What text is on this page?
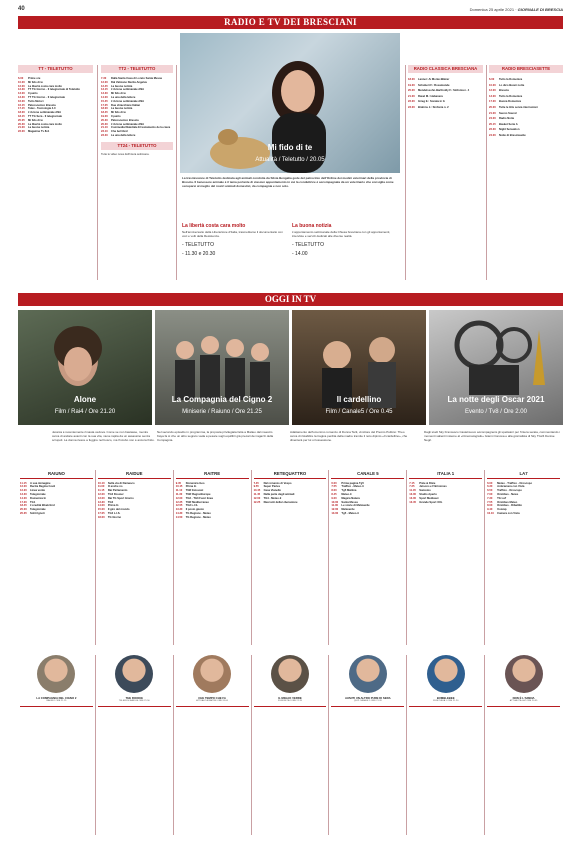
40	Domenica 25 aprile 2021 · GIORNALE DI BRESCIA
RADIO E TV DEI BRESCIANI
TT - TELETUTTO
6.00	Prime ore
10.00	Mi fido di te
12.00	La libertà costa cara molto
12.30	TT TG Giorno - Il telegiornale di Teletutto
13.00	Il punto
13.30	TT TG Giorno - Il telegiornale
16.00	Tutto Motori
16.15	Palcoscenico Brescia
17.15	Telex - Tecnologia 4.0
18.00	L'Azione settimanale ANA
18.15	TT TG Sera - Il telegiornale
20.05	Mi fido di te
20.30	La libertà costa cara molto
21.00	La buona notizia
22.00	Magazine Tv 8x1
TT2 - TELETUTTO
7.30	Dalla Santa Casa di Loreto Santa Messa
12.00	Dal Vaticano Recita Angelus
12.45	La buona notizia
13.15	L'Azione settimanale ANA
13.30	Mi fido di te
14.00	La una della lettere
15.45	L'Azione settimanale ANA
17.05	Due chiacchiere Italian
18.00	La buona notizia
18.45	Mi fido di te
19.00	Il punto
20.30	Palcoscenico Brescia
20.30	L'Azione settimanale ANA
21.10	Commedia Dialettale El testamento de la cieca
23.10	Che bel libro!
23.30	La una della lettere
TT24 - TELETUTTO
Tutte le video news dell'intera settimana.
Mi fido di te
Attualità / Teletutto / 20.05
La trasmissione di Teletutto dedicata agli animali condotta da Silvia Bengalia gode del patrocinio dell'Ordine dei medici veterinari della provincia di Brescia. Il benessere animale è il tema portante di ciascun appuntamento in cui la conduttrice è accompagnata da un veterinario che consiglia come occuparsi al meglio del nostri animali domestici, da compagnia e non solo.
La libertà costa cara molto
Nell'anniversario della Liberazione d'Italia, trasmettiamo il documentario con voci e volti della Resistenza.
- TELETUTTO
- 11.30 e 20.30
La buona notizia
L'appuntamento settimanale della Chiesa bresciana con gli appuntamenti, interviste e servizi dedicati alle diverse realtà.
- TELETUTTO
- 14.00
RADIO CLASSICA BRESCIANA
18.00	Lanner: Ai Monte-Walzer
19.00	Schubert F.: Rosamunde
20.00	Mendelssohn-Bartholdy F.: Sinfonia n. 4
21.00	Ravel M.: Habanera
22.00	Grieg E.: Sonata in G
23.00	Brahms J.: Sinfonia n. 2
RADIO BRESCIASETTE
6.00	Tutto la Domenica
10.00	Lo dico Buoni notte
12.00	Brescia
13.00	Tutto la Domenica
17.00	Buona Domenica
20.00	Tutte le Hits senza interruzioni
21.00	Suono Sound
24.00	Radio Notte
20.15	Basket Serie A
22.30	Night Sensation
24.00	Notte di Bresciasette
OGGI IN TV
Alone
Film / Rai4 / Ore 21.20
La Compagnia del Cigno 2
Miniserie / Raiuno / Ore 21.25
Il cardellino
Film / Canale5 / Ore 0.45
La notte degli Oscar 2021
Evento / Tv8 / Ore 2.00
Jessica è recentemente rimasta vedova. Come se non bastasse, mentre cerca di andare avanti con la sua vita, viene rapita da un assassino senza scrupoli. La donna riesce a fuggire nel bosco, ma l'incubo non è ancora finito.
Nel secondo episodio in programma, la proposta privilegiata fatta a Matteo dal maestro Kaya fa sì che un altro segreto vada a pesare sugli equilibri già precari dei ragazzi della Compagnia.
Adattamento dell'omonimo romanzo di Donna Tartt, vincitore del Premio Pulitzer. Theo cerca di ristabilire la tragica perdita della madre tramite il noto dipinto «Il cardellino», che diventerà per lui un'ossessione.
Dagli studi Sky Francesco Castelnuovo accompagnerà gli spettatori per l'intera serata, commentando i momenti salienti insieme al «Cinematografo» Gianni Canova e alla giornalista di Sky TG24 Denise Negri.
RAIUNO
11.15	A sua immagine
12.00	Recita Regina Coeli
12.20	Linea verde
13.30	Telegiornale
14.00	Domenica In
17.20	TG1
18.45	L'eredità Week End
20.00	Telegiornale
20.35	Soliti Ignoti
RAIDUE
10.10	Sulla via di Damasco
11.00	O anche no
11.15	Rai Parlamento
12.00	TG2 Dossier
13.00	Rai TG Sport Giorno
13.30	TG2
14.00	Prima In
15.00	Il giro del mondo
17.05	TG2 L.I.S.
18.00	TG Giorno
RAITRE
9.45	Domenica Geo
10.15	Prima In
11.10	TGR Estovest
11.30	TGR RegionEurope
12.00	TG3 - TG3 Fuori linea
12.25	TGR Mediterraneo
12.55	TG3 L.I.S.
13.30	Il posto giusto
14.30	TG Regione - Meteo
14.50	TG Regione - Meteo
RETEQUATTRO
7.45	Dal romanzo di Vespo
9.55	Super Partes
10.45	Casa Vianello
11.45	Dalla parte degli animali
12.00	TG4 - Meteo.it
12.25	Racconti della Liberazione
CANALE 5
6.00	Prima pagina Tg5
7.55	Traffico - Meteo.it
8.00	Tg5 Mattina
8.45	Meteo.it
9.00	Magica Natura
10.00	Santa Messa
11.00	Le storie di Melaverde
12.00	Melaverde
13.00	Tg5 - Meteo.it
ITALIA 1
7.15	Pixie & Dixie
7.25	Jetsons e Flintstones
11.45	Sanremo
13.00	Studio Aperto
13.00	Sport Mediaset
13.45	Grande Sport XXL
LA7
6.00	Meteo - Traffico - Oroscopo
6.30	Anticamera con Vista
6.50	Traffico - Oroscopo
7.00	Omnibus - News
7.30	TG La7
7.55	Omnibus Meteo
8.00	Omnibus - Dibattito
9.40	Uozzap
10.10	Camera con Vista
LA COMPAGNIA DEL CIGNO 2
RAIUNO ORE 21.25
THE ROOKIE
TELEFILM RAIDUE ORE 21.50
CHE TEMPO CHE FA
ATTUALITÀ RAITRE ORE 20.00
IL MIGLIO VERDE
FILM RETE4 ORE 21.20
AVANTI UN ALTRO PURE DI SERA
QUIZ CANALE 5 ORE 21.20
BUMBLEBEE
FILM ITALIA 1 ORE 21.20
NON È L'ARENA
ATTUALITÀ LA7 ORE 20.35
